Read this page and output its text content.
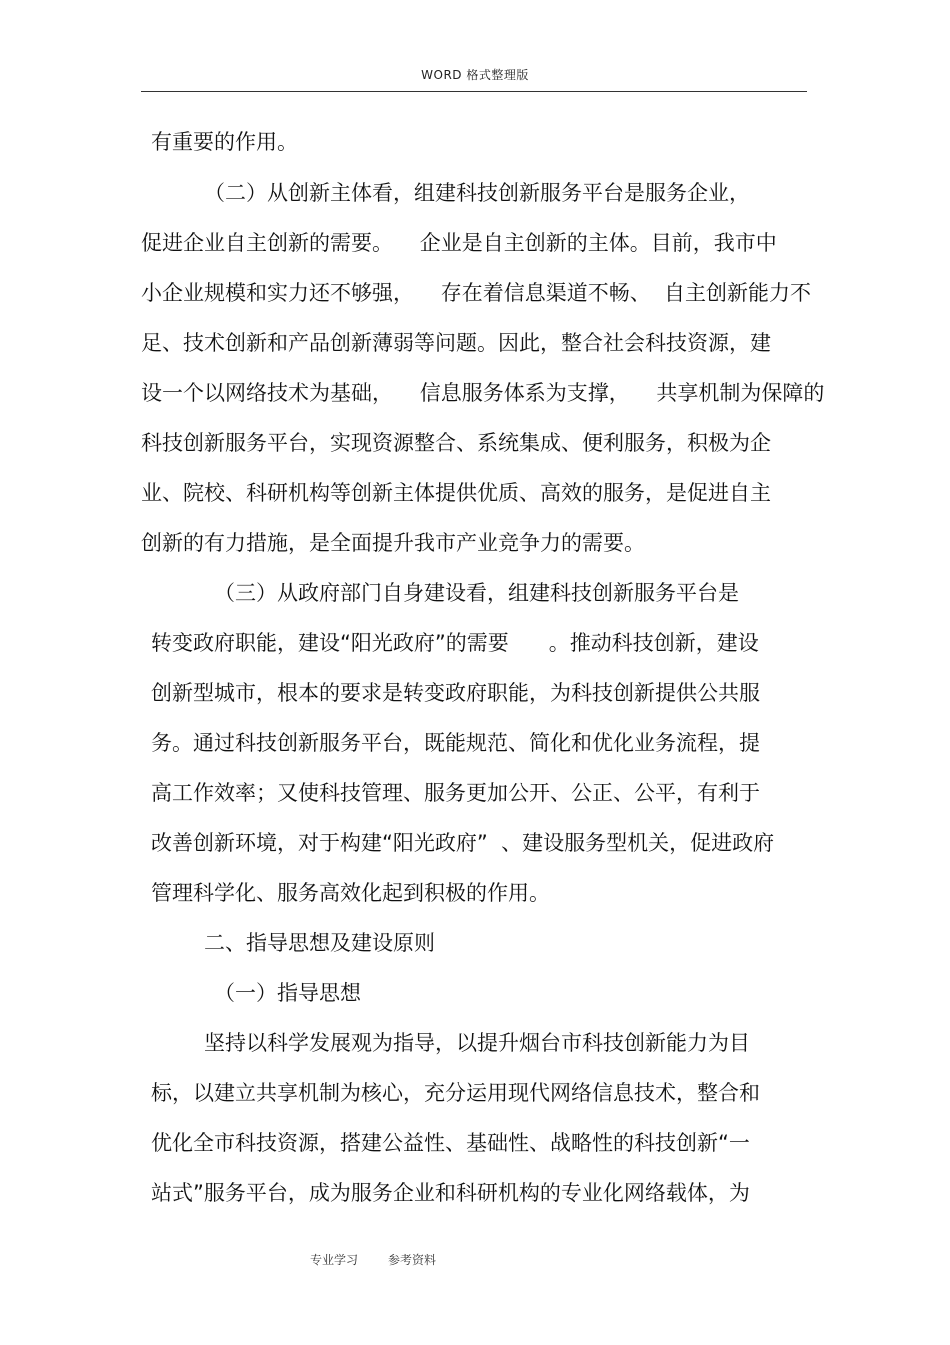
WORD 格式整理版
有重要的作用。
（二）从创新主体看，组建科技创新服务平台是服务企业，
促进企业自主创新的需要。    企业是自主创新的主体。目前，我市中
小企业规模和实力还不够强，    存在着信息渠道不畅、  自主创新能力不
足、技术创新和产品创新薄弱等问题。因此，整合社会科技资源，建
设一个以网络技术为基础，    信息服务体系为支撑，    共享机制为保障的
科技创新服务平台，实现资源整合、系统集成、便利服务，积极为企
业、院校、科研机构等创新主体提供优质、高效的服务，是促进自主
创新的有力措施，是全面提升我市产业竞争力的需要。
（三）从政府部门自身建设看，组建科技创新服务平台是
转变政府职能，建设“阳光政府”的需要      。推动科技创新，建设
创新型城市，根本的要求是转变政府职能，为科技创新提供公共服
务。通过科技创新服务平台，既能规范、简化和优化业务流程，提
高工作效率；又使科技管理、服务更加公开、公正、公平，有利于
改善创新环境，对于构建“阳光政府”  、建设服务型机关，促进政府
管理科学化、服务高效化起到积极的作用。
二、指导思想及建设原则
（一）指导思想
坚持以科学发展观为指导，以提升烟台市科技创新能力为目
标，以建立共享机制为核心，充分运用现代网络信息技术，整合和
优化全市科技资源，搭建公益性、基础性、战略性的科技创新“一
站式”服务平台，成为服务企业和科研机构的专业化网络载体，为
专业学习 参考资料
